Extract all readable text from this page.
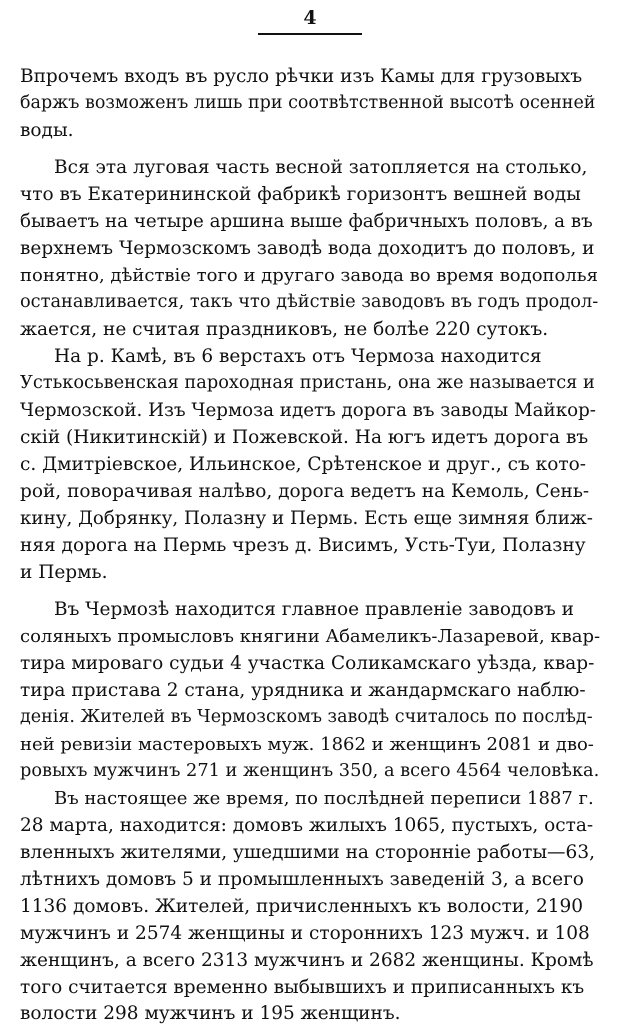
4
Впрочемъ входъ въ русло рѣчки изъ Камы для грузовыхъ
баржъ возможенъ лишь при соотвѣтственной высотѣ осенней
воды.
Вся эта луговая часть весной затопляется на столько,
что въ Екатерининской фабрикѣ горизонтъ вешней воды
бываетъ на четыре аршина выше фабричныхъ половъ, а въ
верхнемъ Чермозскомъ заводѣ вода доходитъ до половъ, и
понятно, дѣйствіе того и другаго завода во время водополья
останавливается, такъ что дѣйствіе заводовъ въ годъ продол-
жается, не считая праздниковъ, не болѣе 220 сутокъ.
На р. Камѣ, въ 6 верстахъ отъ Чермоза находится
Устькосьвенская пароходная пристань, она же называется и
Чермозской. Изъ Чермоза идетъ дорога въ заводы Майкор-
скій (Никитинскій) и Пожевской. На югъ идетъ дорога въ
с. Дмитріевское, Ильинское, Срѣтенское и друг., съ кото-
рой, поворачивая налѣво, дорога ведетъ на Кемоль, Сень-
кину, Добрянку, Полазну и Пермь. Есть еще зимняя ближ-
няя дорога на Пермь чрезъ д. Висимъ, Усть-Туи, Полазну
и Пермь.
Въ Чермозѣ находится главное правленіе заводовъ и
соляныхъ промысловъ княгини Абамеликъ-Лазаревой, квар-
тира мироваго судьи 4 участка Соликамскаго уѣзда, квар-
тира пристава 2 стана, урядника и жандармскаго наблю-
денія. Жителей въ Чермозскомъ заводѣ считалось по послѣд-
ней ревизіи мастеровыхъ муж. 1862 и женщинъ 2081 и дво-
ровыхъ мужчинъ 271 и женщинъ 350, а всего 4564 человѣка.
Въ настоящее же время, по послѣдней переписи 1887 г.
28 марта, находится: домовъ жилыхъ 1065, пустыхъ, оста-
вленныхъ жителями, ушедшими на сторонніе работы—63,
лѣтнихъ домовъ 5 и промышленныхъ заведеній 3, а всего
1136 домовъ. Жителей, причисленныхъ къ волости, 2190
мужчинъ и 2574 женщины и стороннихъ 123 мужч. и 108
женщинъ, а всего 2313 мужчинъ и 2682 женщины. Кромѣ
того считается временно выбывшихъ и приписанныхъ къ
волости 298 мужчинъ и 195 женщинъ.
